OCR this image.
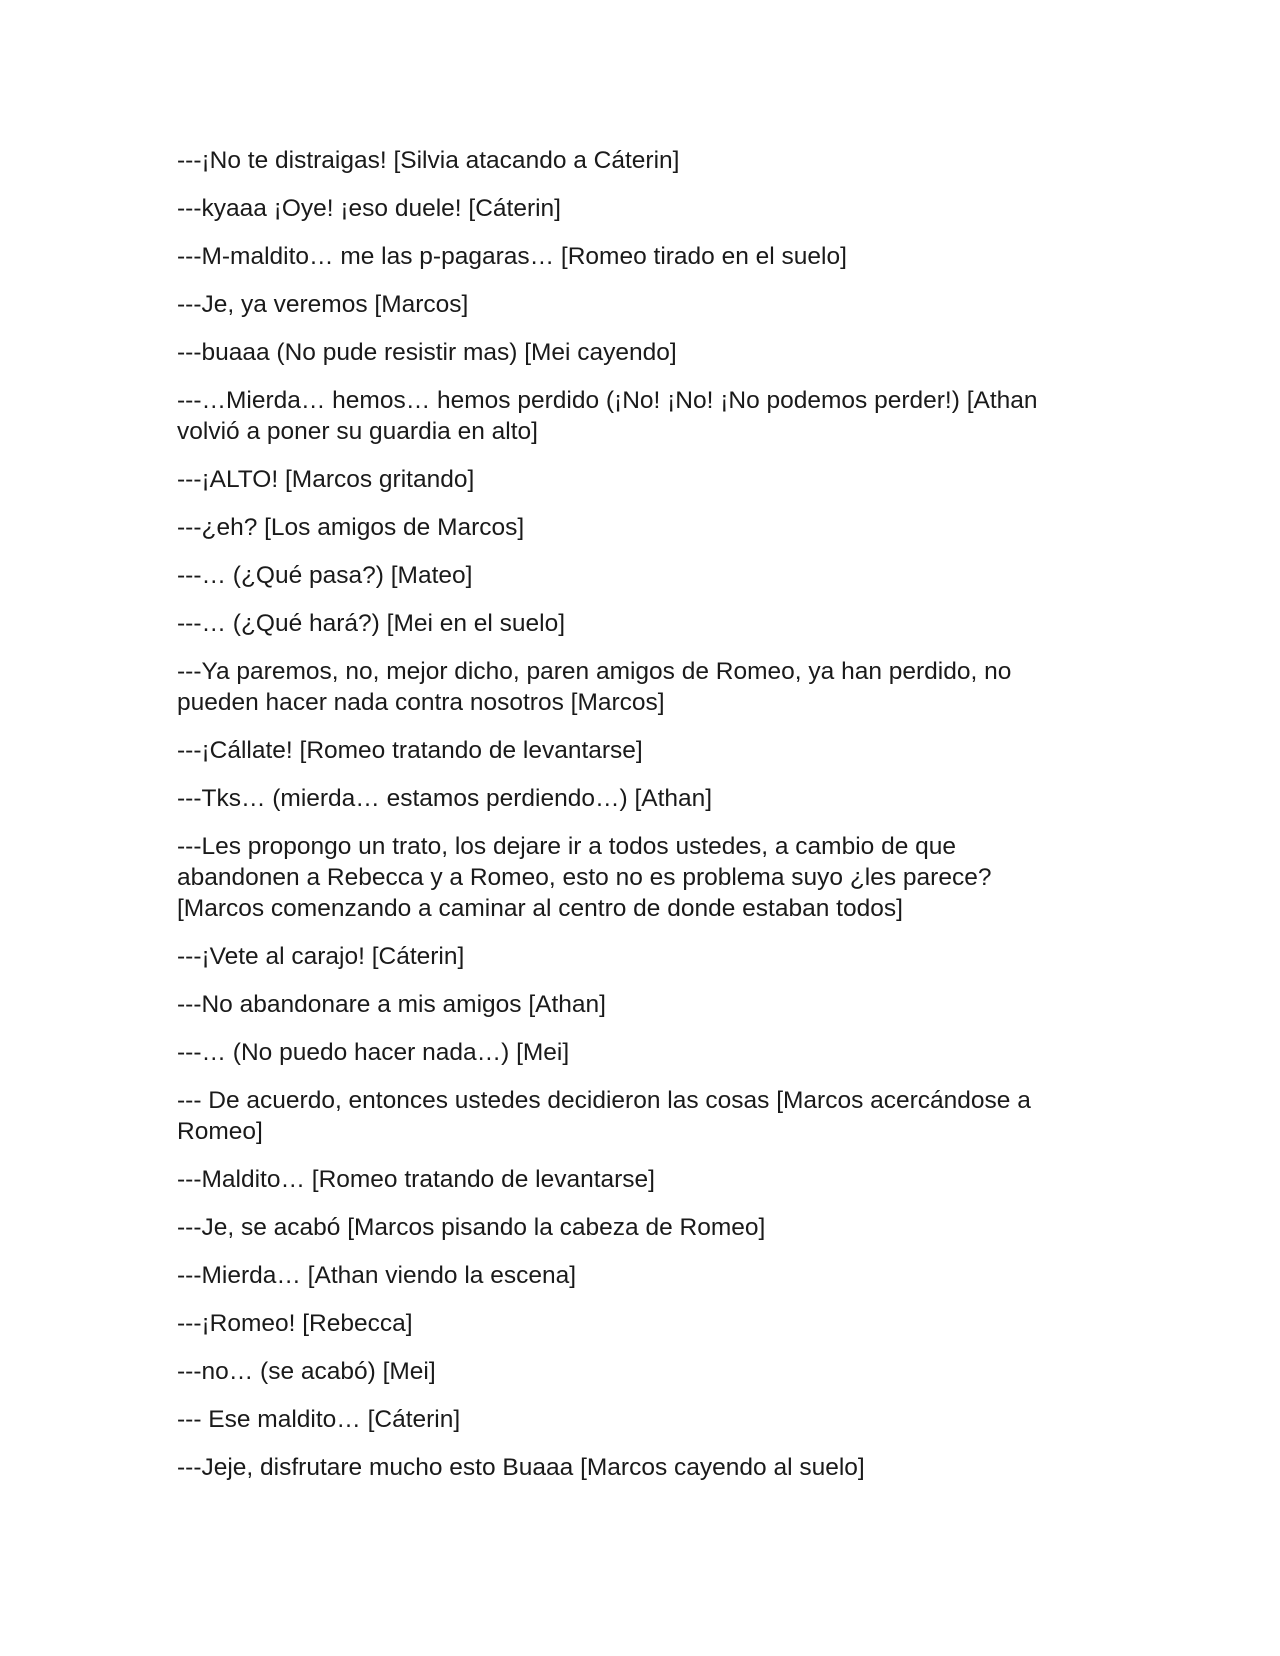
---¡No te distraigas! [Silvia atacando a Cáterin]

---kyaaa ¡Oye! ¡eso duele! [Cáterin]

---M-maldito… me las p-pagaras… [Romeo tirado en el suelo]

---Je, ya veremos [Marcos]

---buaaa (No pude resistir mas) [Mei cayendo]

---…Mierda… hemos… hemos perdido (¡No! ¡No! ¡No podemos perder!) [Athan volvió a poner su guardia en alto]

---¡ALTO! [Marcos gritando]

---¿eh? [Los amigos de Marcos]

---… (¿Qué pasa?) [Mateo]

---… (¿Qué hará?) [Mei en el suelo]

---Ya paremos, no, mejor dicho, paren amigos de Romeo, ya han perdido, no pueden hacer nada contra nosotros [Marcos]

---¡Cállate! [Romeo tratando de levantarse]

---Tks… (mierda… estamos perdiendo…) [Athan]

---Les propongo un trato, los dejare ir a todos ustedes, a cambio de que abandonen a Rebecca y a Romeo, esto no es problema suyo ¿les parece? [Marcos comenzando a caminar al centro de donde estaban todos]

---¡Vete al carajo! [Cáterin]

---No abandonare a mis amigos [Athan]

---… (No puedo hacer nada…) [Mei]

--- De acuerdo, entonces ustedes decidieron las cosas [Marcos acercándose a Romeo]

---Maldito… [Romeo tratando de levantarse]

---Je, se acabó [Marcos pisando la cabeza de Romeo]

---Mierda… [Athan viendo la escena]

---¡Romeo! [Rebecca]

---no… (se acabó) [Mei]

--- Ese maldito… [Cáterin]

---Jeje, disfrutare mucho esto Buaaa [Marcos cayendo al suelo]
